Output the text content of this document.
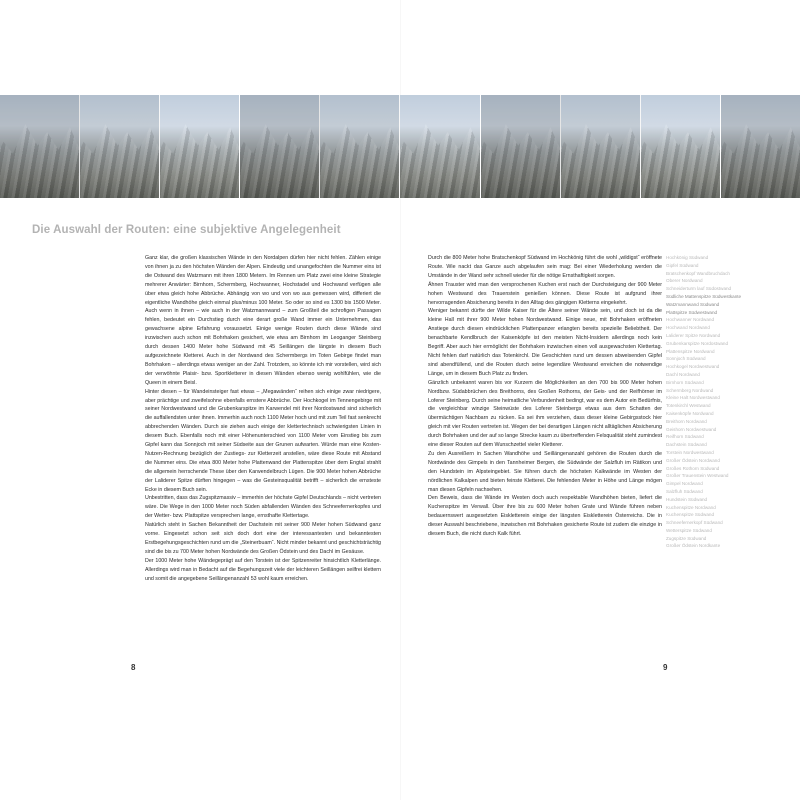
Die Auswahl der Routen: eine subjektive Angelegenheit

Ganz klar, die großen klassischen Wände in den Nordalpen dürfen hier nicht fehlen. Zählen einige von ihnen ja zu den höchsten Wänden der Alpen. Eindeutig und unangefochten die Nummer eins ist die Ostwand des Watzmann mit ihren 1800 Metern. Im Rennen um Platz zwei eine kleine Strategie mehrerer Anwärter: Birnhorn, Schermberg, Hochwanner, Hochstadel und Hochwand verfügen alle über etwa gleich hohe Abbrüche. Abhängig von wo und von wo aus gemessen wird, differiert die eigentliche Wandhöhe gleich einmal plus/minus 100 Meter. So oder so sind es 1300 bis 1500 Meter. Auch wenn in ihnen – wie auch in der Watzmannwand – zum Großteil die schrofigen Passagen fehlen, bedeutet ein Durchstieg durch eine derart große Wand immer ein Unternehmen, das gewachsene alpine Erfahrung voraussetzt. Einige wenige Routen durch diese Wände sind inzwischen auch schon mit Bohrhaken gesichert, wie etwa am Birnhorn im Leoganger Steinberg durch dessen 1400 Meter hohe Südwand mit 45 Seillängen die längste in diesem Buch aufgezeichnete Kletterei. Auch in der Nordwand des Schermbergs im Toten Gebirge findet man Bohrhaken – allerdings etwas weniger an der Zahl. Trotzdem, so könnte ich mir vorstellen, wird sich der verwöhnte Plaisir- bzw. Sportkletterer in diesen Wänden ebenso wenig wohlfühlen, wie die Queen in einem Beisl.

Hinter diesen – für Wandeinsteiger fast etwas – „Megawänden“ reihen sich einige zwar niedrigere, aber prächtige und zweifelsohne ebenfalls ernstere Abbrüche. Der Hochkogel im Tennengebirge mit seiner Nordwestwand und die Grubenkarspitze im Karwendel mit ihrer Nordostwand sind sicherlich die auffallendsten unter ihnen. Immerhin auch noch 1100 Meter hoch und mit zum Teil fast senkrecht abbrechenden Wänden. Durch sie ziehen auch einige der klettertechnisch schwierigsten Linien in diesem Buch. Ebenfalls noch mit einer Höhenunterschied von 1100 Meter vom Einstieg bis zum Gipfel kann das Sonnjoch mit seiner Südseite aus der Grunen aufwarten. Würde man eine Kosten-Nutzen-Rechnung bezüglich der Zustiegs- zur Kletterzeit anstellen, wäre diese Route mit Abstand die Nummer eins. Die etwa 800 Meter hohe Plattenwand der Plattenspitze über dem Engtal strahlt die allgemein herrschende These über den Karwendelbruch Lügen. Die 900 Meter hohen Abbrüche der Laliderer Spitze dürften hingegen – was die Gesteinsqualität betrifft – sicherlich die ernsteste Ecke in diesem Buch sein.

Unbestritten, dass das Zugspitzmassiv – immerhin der höchste Gipfel Deutschlands – nicht vertreten wäre. Die Wege in den 1000 Meter noch Süden abfallenden Wänden des Schneefernerkopfes und der Wetter- bzw. Plattspitze versprechen lange, ernsthafte Klettertage.

Natürlich steht in Sachen Bekanntheit der Dachstein mit seiner 900 Meter hohen Südwand ganz vorne. Eingesetzt schon seit sich doch dort eine der interessantesten und bekanntesten Erstbegehungsgeschichten rund um die „Steinerbuam“. Nicht minder bekannt und geschichtsträchtig sind die bis zu 700 Meter hohen Nordwände des Großen Ödstein und des Dachl im Gesäuse.

Der 1000 Meter hohe Wändegeprägt auf den Torstein ist der Spitzenreiter hinsichtlich Kletterlänge. Allerdings wird man in Bedacht auf die Begehungszeit viele der leichteren Seillängen seilfrei klettern und somit die angegebene Seillängenanzahl 53 wohl kaum erreichen.

Durch die 800 Meter hohe Bratschenkopf Südwand im Hochkönig führt die wohl „wildigst“ eröffnete Route. Wie nackt das Ganze auch abgelaufen sein mag: Bei einer Wiederholung werden die Umstände in der Wand sehr schnell wieder für die nötige Ernsthaftigkeit sorgen.

Ähnen Trauster wird man den versprochenen Kuchen erst nach der Durchsteigung der 900 Meter hohen Westwand des Trauenstein genießen können. Diese Route ist aufgrund ihrer hervorragenden Absicherung bereits in den Alltag des gängigen Kletterns eingekehrt.

Weniger bekannt dürfte der Wilde Kaiser für die Ältere seiner Wände sein, und doch ist da die kleine Hall mit ihrer 900 Meter hohen Nordwestwand. Einige neue, mit Bohrhaken eröffneten Anstiege durch diesen eindrücklichen Plattenpanzer erlangten bereits spezielle Beliebtheit. Der benachbarte Kendlbruch der Kaisenköpfe ist den meisten Nicht-Insidern allerdings noch kein Begriff. Aber auch hier ermöglicht der Bohrhaken inzwischen einen voll ausgewachsten Klettertag. Nicht fehlen darf natürlich das Totenkirchl. Die Geschichten rund um dessen abweisenden Gipfel sind abendfüllend, und die Routen durch seine legendäre Westwand erreichen die notwendige Länge, um in diesem Buch Platz zu finden.

Gänzlich unbekannt waren bis vor Kurzem die Möglichkeiten an den 700 bis 900 Meter hohen Nordbzw. Südabbrüchen des Breithorns, des Großen Rothorns, der Geis- und der Reifhörner im Loferer Steinberg. Durch seine heimatliche Verbundenheit bedingt, war es dem Autor ein Bedürfnis, die vergleichbar winzige Steinwüste des Loferer Steinbergs etwas aus dem Schatten der übermächtigen Nachbarn zu rücken. Es sei ihm verziehen, dass dieser kleine Gebirgsstock hier gleich mit vier Routen vertreten ist. Wegen der bei derartigen Längen nicht alltäglichen Absicherung durch Bohrhaken und der auf so lange Strecke kaum zu übertreffenden Felsqualität steht zumindest eine dieser Routen auf dem Wunschzettel vieler Kletterer.

Zu den Ausreißern in Sachen Wandhöhe und Seillängenanzahl gehören die Routen durch die Nordwände des Gimpels in den Tannheimer Bergen, die Südwände der Salzfluh im Rätikon und den Hundstein im Alpsteingebiet. Sie führen durch die höchsten Kalkwände im Westen der nördlichen Kalkalpen und bieten feinste Kletterei. Die fehlenden Meter in Höhe und Länge mögen man diesen Gipfeln nachsehen.

Den Beweis, dass die Wände im Westen doch auch respektable Wandhöhen bieten, liefert die Kuchenspitze im Verwall. Über ihre bis zu 600 Meter hohen Grate und Wände führen neben bedauernswert ausgesetzten Eiskletterein einige der längsten Eiskletterein Österreichs. Die in dieser Auswahl beschriebene, inzwischen mit Bohrhaken gesicherte Route ist zudem die einzige in diesem Buch, die nicht durch Kalk führt.

Hochkönig Südwand
Gipfel Südwand
Bratschenkopf Wandbruchdach
Oberer Nordwand
Schneiderturm lauf Südostwand
Südliche Mattenspitze Südwestkante
Watzmannwand Südwand
Plattspitze Südwestwand
Hochwanner Nordwand
Hochwand Nordwand
Laliderer Spitze Nordwand
Grubenkarspitze Nordostwand
Plattenspitze Nordwand
Sonnjoch Südwand
Hochkogel Nordwestwand
Dachl Nordwand
Birnhorn Südwand
Schermberg Nordwand
Kleine Halt Nordwestwand
Totenkirchl Westwand
Kaisenköpfe Nordwand
Breithorn Nordwand
Geishorn Nordwestwand
Reifhorn Südwand
Dachstein Südwand
Torstein Nordwestwand
Großer Ödstein Nordwand
Großes Rothorn Südwand
Großer Trauenstein Westwand
Gimpel Nordwand
Salzfluh Südwand
Hundstein Südwand
Kuchenspitze Nordwand
Kuchenspitze Südwand
Schneefernerkopf Südwand
Wetterspitze Südwand
Zugspitze Südwand
Großer Ödstein Nordkante
8	9
